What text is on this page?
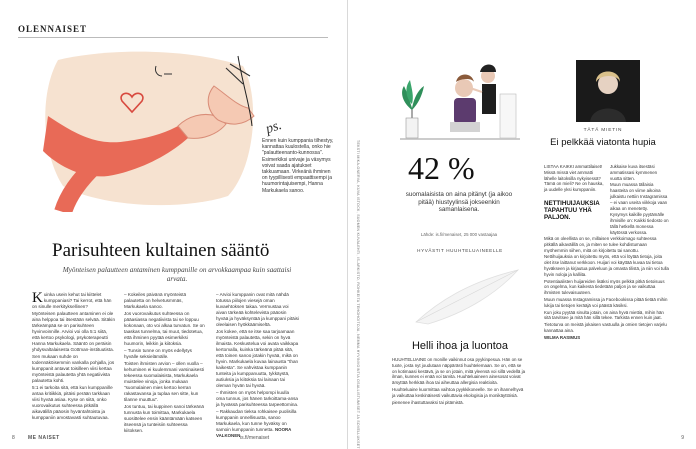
OLENNAISET
ps.
Ennen kuin kumppania tilhestyy, kannattaa kuulostella, onko hie "palautteenanto-kunnossa". Esimerkiksi univaje ja väsymys voivat saada ajatukset takkuamaan. Virkeänä ihminen on tyypillisesti empaattisempi ja huumorintajuisempi, Hanna Markukaela sanoo.
Parisuhteen kultainen sääntö
Myönteisen palautteen antaminen kumppanille on arvokkaampaa kuin saattaisi arvata.

Kuinka usein kehut tai kiittelet kumppaniasi? Tai kerrot, että hän on sinulle merkityksellinen?

Myönteisen palautteen antaminen ei ole aina helppoa tai itsestään selvää. Sitäkin tärkeämpää se on parisuhteen hyvinvoinnille. Arvioi voi olla 5:1 siitä, että kertoo psykologi, psykoterapeutti Hanna Markukaela. Sääntö on peräisin yhdysvaltalaisesta Gottman-instituutista.

Sen mukaan suhde on todennäköisemmin vankalla pohjalla, jos kumppanit antavat toisilleen viisi kertaa myönteistä palautetta yhtä negatiivista palautetta kohti.

5:1 ei tarkoita sitä, että kun kumppanille antaa kritiikkiä, pitäisi perään tarkkaan viisi hyvää asiaa. Kyse on siitä, onko vuorovaikutus suhteessa pitkällä aikavälillä pääosin hyväntahtoista ja kumppaniin arvostavasti suhtautuvaa.

– Kokeiles päivänä myönteistä palautetta on helvetusmmäs, Markukaela sanoo.

Jos vuorovaikutus suhteessa on pääasiassa negatiivista tai se loppuu kokonaan, oto voi alkaa turvatun. Se on taaskas tunnelma, tai muut, tiedotetua, että ihminen pyytää esimerkiksi huumorin, leikkin ja kiitoksia.

– Tunsin tunne on myös edellytys hyvälle seksielämälle.

Toisten ihmisten arvion – ollen vuolla – kehuminen ei kuulemmani varsinaisesti tekeessa suomalaisista, Markukaela muistelee vinoja, jonka mukaan "suomalainen mies kertoo kerran rakastavansa ja tuplaa sen sitte, kun tilanne muuttuu".

Jos tuntuu, tai kuppinen sanoi tärkeänä tunnusta kun toimittaa, Markukaela suosittelee ensin kääntämään katseen itseensä ja tunteisiin suhteessa kiitoksen.

– Arvioi kumppanin ovat mitä nähdä totussa piilojen viesejä oman kuvaehtoksen takaa. Vermustaa voi aivan tärkeää kohtelevista pääosin hyvää ja hyväksyntää ja kumppani pitäisi oleelaisen hyökkäämiseltä.

Jos kokee, että se itse saa tarjoamaan myönteistä palautetta, sekin on hyvä ilmaista. Keskustelua voi avata vaikkapa kertomalla, kuinka tärkeänä pitää sitä, että toinen sanoo jotakin hyvää, mikä on hyvin. Markukaela kuvaa lainausta "than kaikesta". Se vahvistaa kumppanin tunteita ja kumppanuutta, tykkäystä, autiuksia ja kiitoksia tai lainaan tai oleman hyvän tai hyvää.

– Ihmisten on myös helpompi kuulla oma tunnus, jos hänen tarkoittama-ansa ja hyvässä parisuhteessa tarpeettomina.

– Rakkaudan tieksa rohkaisee puolisilla kumppanin onnellisuutta, sanoo Markukaela, kun tunne hyväksy on samoin kumppanin tunnetta. NOORA VALKONEN

8	ME NAISET	is.fi/menaiset	TEKSTI MIKA-ONERVA, KUVA ISTOCK, SUOMEN KUVALEHTI, IS-ARKISTO, ROHKEITA TEHOHOITOJA, NEMMA HYVINVOINTIA OSALLISTUMISET JA SOVELLUKSET 42 %
suomalaisista on aina pitänyt (ja aikoo pitää) hiustyylinsä jokseenkin samanlaisena.
Lähde: is.fi/menaiset, 25 000 vastaajaa
HYVÄSTIT HUUHTELUAINEELLE
Helli ihoa ja luontoa

HUUHTELUAINE on monille vaikinnut osa pyykinpesua. Hän on se tuote, josta nyt joudutaan näppärästi huuhtelemaan. Se on, että se on kotimaasi kestävä, ja se on jotain, mitä yleensä voi sillä vedellä ja ilman, kunnes ei enää voi tarvita. Huuhteluaineen ainesosat voivat ärsyttää herkkää ihoa tai aiheuttaa allergisia reaktioita.

Huuhteluaine kuormittaa vaihtoa pyykkikoneelle. Se on ihannelhyvä ja vaikuttaa keskinäisesti vaikuttavia ekologisia ja monikäyttöisiä.

pienenee ihastuttavaksi tai pitämistä.

TÄTÄ MIETIN
Ei pelkkää viatonta hupia

LISTAA KAIKKI ammattilaiset! Missä missä viet ammatti lähelle laitoksilla nykyisessä? Tämä on mieli? Ne on hauska, ja uudelle yksi kumppaniin.

NETTIHUIJAUKSIA TAPAHTUU YHÄ PALJON.

Jukkaise kuva itsestäsi ammatissasi kymmenen vuotta sitten.

Muun muassa tällaisia haasteita on viime aikoina julkaistu nettiin Instagramissa – ei vaan useita viikkoja vaan aikaa on menetetty.

Kysymys kaikille pyytämälle ihmisille on: Kaikki tiedosto on tällä hetkellä monessa käytössä verkossa.

Mikä on oleellista on se, millaisen verkkoimago suhteessa pitkällä aikavälillä on, ja miten se tulee kohdistumaan myöhemmin siihen, mitä on kirjoitettu tai sanottu.

Nettihuijauksia on kirjoitettu myös, että voi löytää tietoja, joita olet itse laittanut verkkoon. Huijari voi käyttää kuvaa tai tietoa hyväkseen ja kirjautua palveluun ja omasta tilistä, ja niin voi tulla hyvin noloja ja kalliita.

Potentiaalisten huijareiden lisäksi myös pelkkä pitkä tietoisuus on ongelma, kun kaikesta tiedetään paljon ja se vaikuttaa ihmisten tulevaisuuteen.

Muun muassa Instagramissa ja Facebookissa pitää tietää mihin lukija tai tietojen kerääjä voi päästä käsiksi.

Kun joku pyytää sinulta jotain, on aina hyvä miettiä, mihin hän sitä tarvitsee ja mitä hän sillä tekee. Tarkista ennen kuin jaat.

Tietoturva on meistä jokaisen vastuulla ja omien tietojen varjelu kannattaa aina.

WILMA RASIMUS

9
